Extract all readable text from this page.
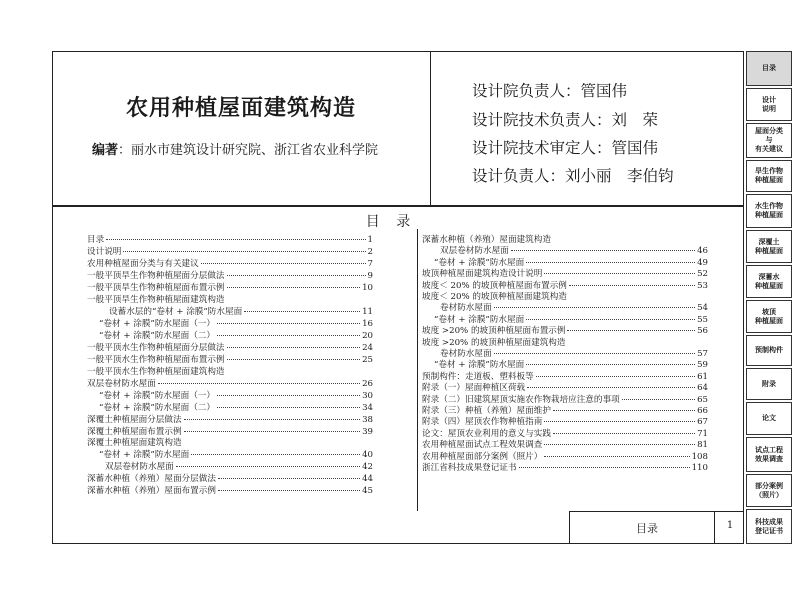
农用种植屋面建筑构造
编著：丽水市建筑设计研究院、浙江省农业科学院
设计院负责人：管国伟
设计院技术负责人：刘　荣
设计院技术审定人：管国伟
设计负责人：刘小丽　李伯钧
目 录
目录	1
设计说明	2
农用种植屋面分类与有关建议	7
一般平顶旱生作物种植屋面分层做法	9
一般平顶旱生作物种植屋面布置示例	10
一般平顶旱生作物种植屋面建筑构造
设蓄水层的“卷材 + 涂膜”防水屋面	11
“卷材 + 涂膜”防水屋面（一）	16
“卷材 + 涂膜”防水屋面（二）	20
一般平顶水生作物种植屋面分层做法	24
一般平顶水生作物种植屋面布置示例	25
一般平顶水生作物种植屋面建筑构造
双层卷材防水屋面	26
“卷材 + 涂膜”防水屋面（一）	30
“卷材 + 涂膜”防水屋面（二）	34
深覆土种植屋面分层做法	38
深覆土种植屋面布置示例	39
深覆土种植屋面建筑构造
“卷材 + 涂膜”防水屋面	40
双层卷材防水屋面	42
深蓄水种植（养殖）屋面分层做法	44
深蓄水种植（养殖）屋面布置示例	45
深蓄水种植（养殖）屋面建筑构造
双层卷材防水屋面	46
“卷材 + 涂膜”防水屋面	49
坡顶种植屋面建筑构造设计说明	52
坡度＜ 20% 的坡顶种植屋面布置示例	53
坡度＜ 20% 的坡顶种植屋面建筑构造
卷材防水屋面	54
“卷材 + 涂膜”防水屋面	55
坡度 >20% 的坡顶种植屋面布置示例	56
坡度 >20% 的坡顶种植屋面建筑构造
卷材防水屋面	57
“卷材 + 涂膜”防水屋面	59
预制构件：走道板、塑料板等	61
附录（一）屋面种植区荷载	64
附录（二）旧建筑屋顶实施农作物栽培应注意的事项	65
附录（三）种植（养殖）屋面维护	66
附录（四）屋顶农作物种植指南	67
论文：屋顶农业利用的意义与实践	71
农用种植屋面试点工程效果调查	81
农用种植屋面部分案例（照片）	108
浙江省科技成果登记证书	110
目录	1
目录
设计
说明
屋面分类
与
有关建议
旱生作物
种植屋面
水生作物
种植屋面
深覆土
种植屋面
深蓄水
种植屋面
坡顶
种植屋面
预制构件
附录
论文
试点工程
效果调查
部分案例
（照片）
科技成果
登记证书
